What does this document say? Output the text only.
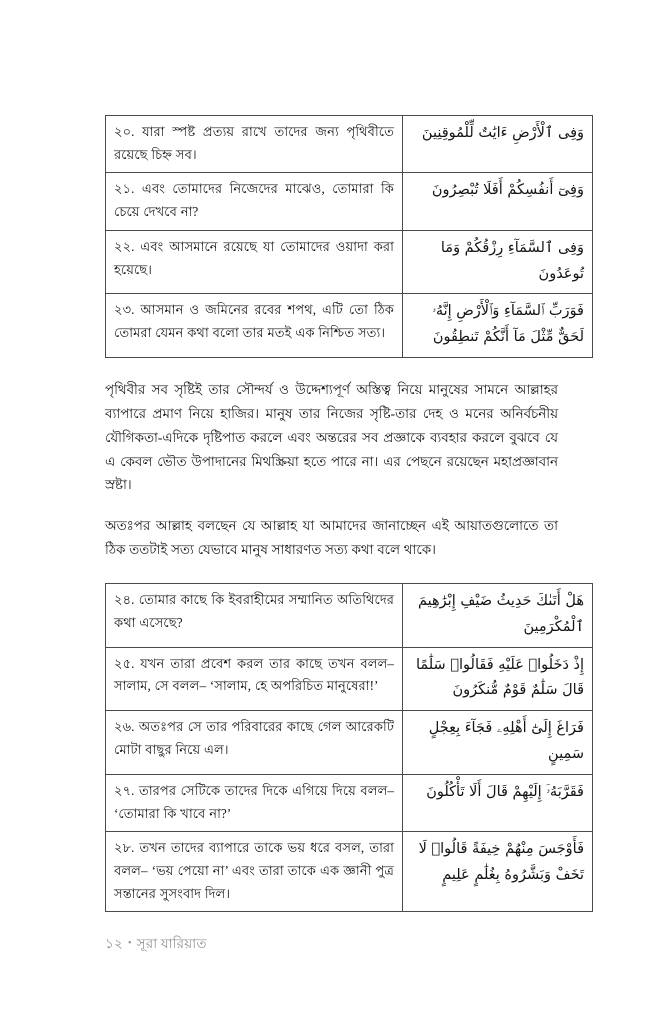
২০. যারা স্পষ্ট প্রত্যয় রাখে তাদের জন্য পৃথিবীতে রয়েছে চিহ্ন সব।	وَفِى ٱلْأَرْضِ ءَايَٰتٌ لِّلْمُوقِنِينَ
২১. এবং তোমাদের নিজেদের মাঝেও, তোমারা কি চেয়ে দেখবে না?	وَفِىٓ أَنفُسِكُمْ أَفَلَا تُبْصِرُونَ
২২. এবং আসমানে রয়েছে যা তোমাদের ওয়াদা করা হয়েছে।	وَفِى ٱلسَّمَآءِ رِزْقُكُمْ وَمَا تُوعَدُونَ
২৩. আসমান ও জমিনের রবের শপথ, এটি তো ঠিক তোমরা যেমন কথা বলো তার মতই এক নিশ্চিত সত্য।	فَوَرَبِّ ٱلسَّمَآءِ وَٱلْأَرْضِ إِنَّهُۥ لَحَقٌّ مِّثْلَ مَآ أَنَّكُمْ تَنطِقُونَ

পৃথিবীর সব সৃষ্টিই তার সৌন্দর্য ও উদ্দেশ্যপূর্ণ অস্তিত্ব নিয়ে মানুষের সামনে আল্লাহর ব্যাপারে প্রমাণ নিয়ে হাজির। মানুষ তার নিজের সৃষ্টি-তার দেহ ও মনের অনির্বচনীয় যৌগিকতা-এদিকে দৃষ্টিপাত করলে এবং অন্তরের সব প্রজ্ঞাকে ব্যবহার করলে বুঝবে যে এ কেবল ভৌত উপাদানের মিথস্ক্রিয়া হতে পারে না। এর পেছনে রয়েছেন মহাপ্রজ্ঞাবান স্রষ্টা।

অতঃপর আল্লাহ বলছেন যে আল্লাহ যা আমাদের জানাচ্ছেন এই আয়াতগুলোতে তা ঠিক ততটাই সত্য যেভাবে মানুষ সাধারণত সত্য কথা বলে থাকে।

২৪. তোমার কাছে কি ইবরাহীমের সম্মানিত অতিথিদের কথা এসেছে?	هَلْ أَتَىٰكَ حَدِيثُ ضَيْفِ إِبْرَٰهِيمَ ٱلْمُكْرَمِينَ
২৫. যখন তারা প্রবেশ করল তার কাছে তখন বলল– সালাম, সে বলল– ‘সালাম, হে অপরিচিত মানুষেরা!’	إِذْ دَخَلُوا۟ عَلَيْهِ فَقَالُوا۟ سَلَٰمًا قَالَ سَلَٰمٌ قَوْمٌ مُّنكَرُونَ
২৬. অতঃপর সে তার পরিবারের কাছে গেল আরেকটি মোটা বাছুর নিয়ে এল।	فَرَاغَ إِلَىٰٓ أَهْلِهِۦ فَجَآءَ بِعِجْلٍ سَمِينٍ
২৭. তারপর সেটিকে তাদের দিকে এগিয়ে দিয়ে বলল– ‘তোমারা কি খাবে না?’	فَقَرَّبَهُۥٓ إِلَيْهِمْ قَالَ أَلَا تَأْكُلُونَ
২৮. তখন তাদের ব্যাপারে তাকে ভয় ধরে বসল, তারা বলল– ‘ভয় পেয়ো না’ এবং তারা তাকে এক জ্ঞানী পুত্র সন্তানের সুসংবাদ দিল।	فَأَوْجَسَ مِنْهُمْ خِيفَةً قَالُوا۟ لَا تَخَفْ وَبَشَّرُوهُ بِغُلَٰمٍ عَلِيمٍ
১২ • সূরা যারিয়াত
